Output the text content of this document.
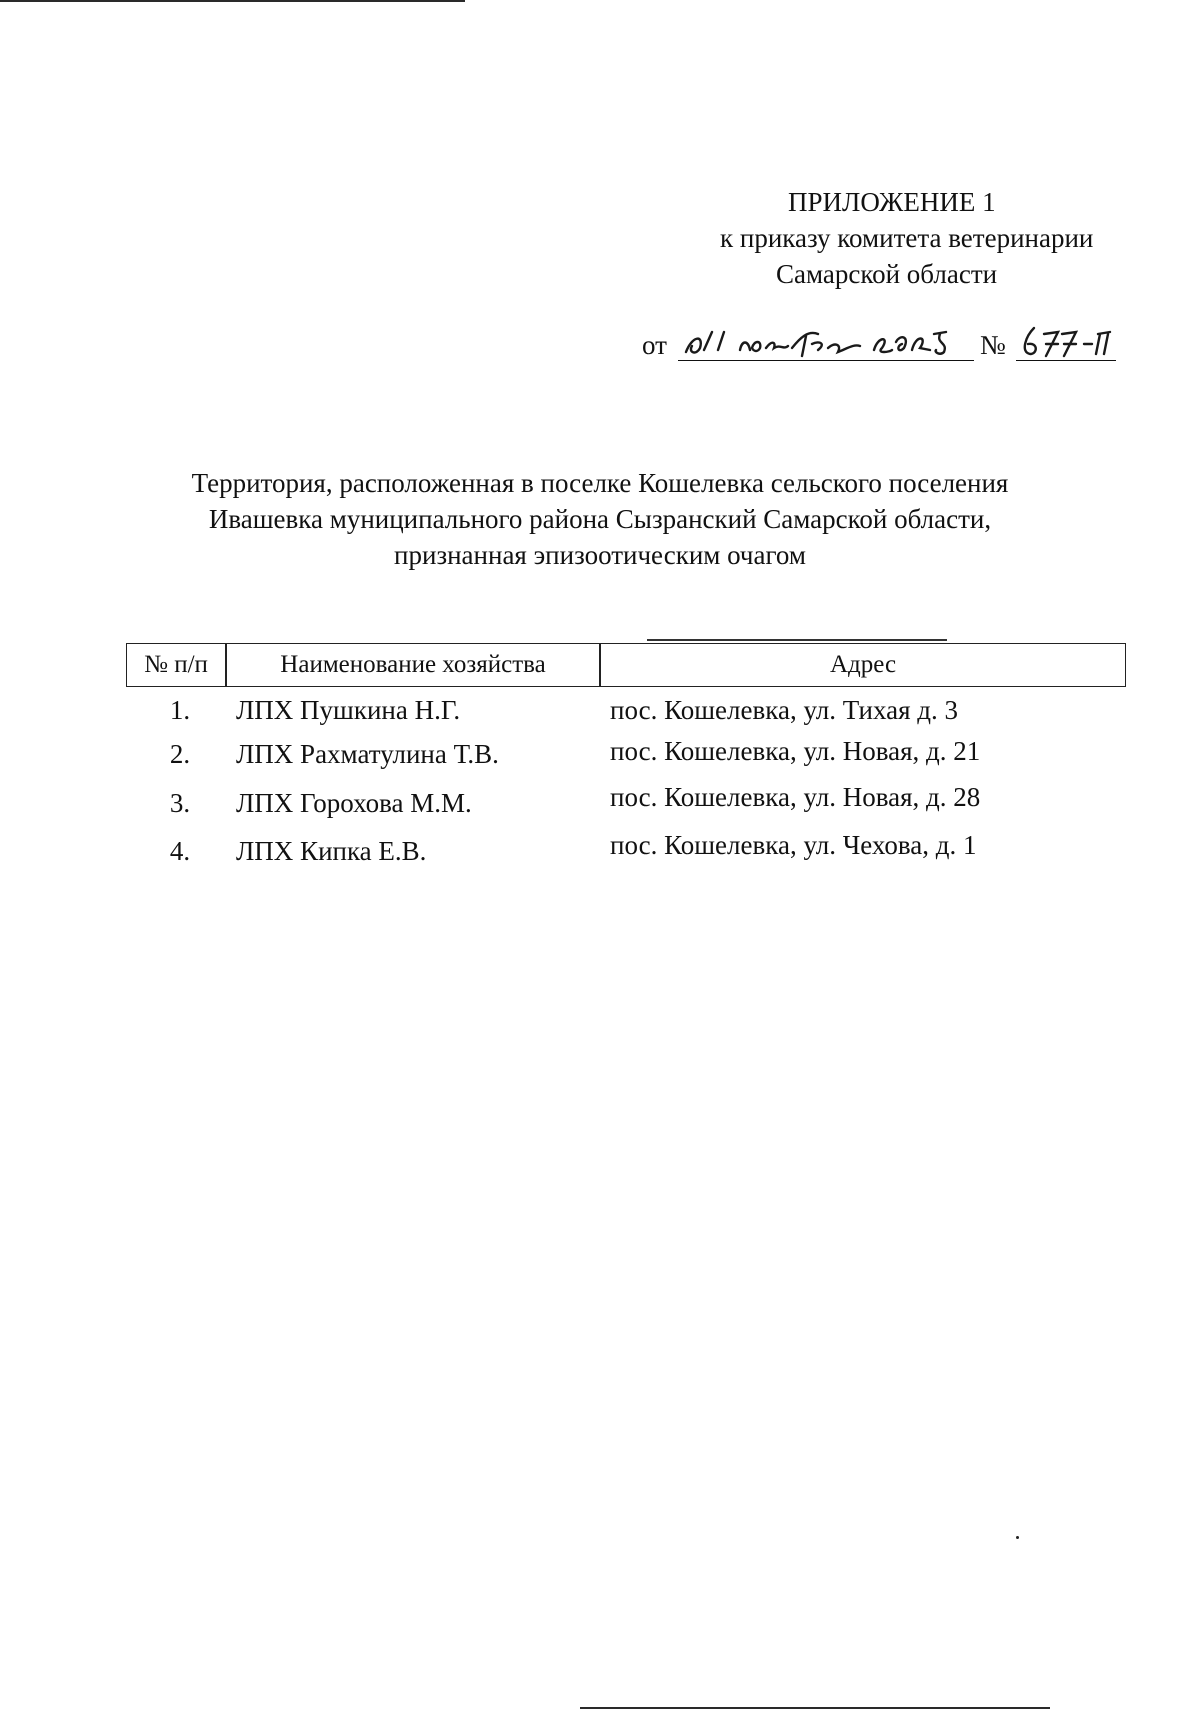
ПРИЛОЖЕНИЕ 1
к приказу комитета ветеринарии
Самарской области
от	№
Территория, расположенная в поселке Кошелевка сельского поселения
Ивашевка муниципального района Сызранский Самарской области,
признанная эпизоотическим очагом
№ п/п	Наименование хозяйства	Адрес
1.	ЛПХ Пушкина Н.Г.	пос. Кошелевка, ул. Тихая д. 3
2.	ЛПХ Рахматулина Т.В.	пос. Кошелевка, ул. Новая, д. 21
3.	ЛПХ Горохова М.М.	пос. Кошелевка, ул. Новая, д. 28
4.	ЛПХ Кипка Е.В.	пос. Кошелевка, ул. Чехова, д. 1
